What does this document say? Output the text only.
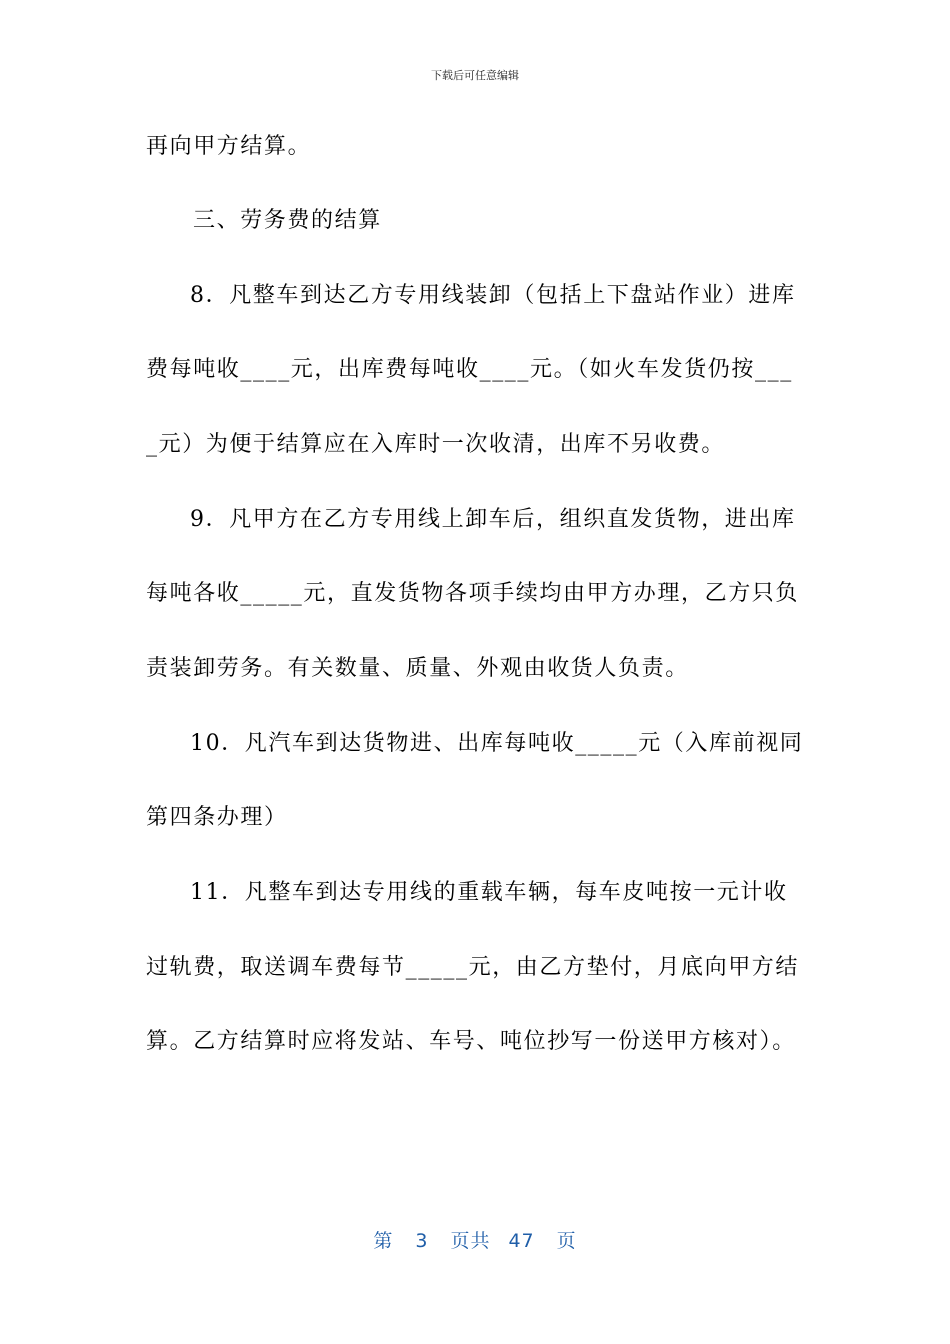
下载后可任意编辑
再向甲方结算。
三、劳务费的结算
8．凡整车到达乙方专用线装卸（包括上下盘站作业）进库
费每吨收____元，出库费每吨收____元。（如火车发货仍按___
_元）为便于结算应在入库时一次收清，出库不另收费。
9．凡甲方在乙方专用线上卸车后，组织直发货物，进出库
每吨各收_____元，直发货物各项手续均由甲方办理，乙方只负
责装卸劳务。有关数量、质量、外观由收货人负责。
10．凡汽车到达货物进、出库每吨收_____元（入库前视同
第四条办理）
11．凡整车到达专用线的重载车辆，每车皮吨按一元计收
过轨费，取送调车费每节_____元，由乙方垫付，月底向甲方结
算。乙方结算时应将发站、车号、吨位抄写一份送甲方核对）。
第 3 页共 47 页
